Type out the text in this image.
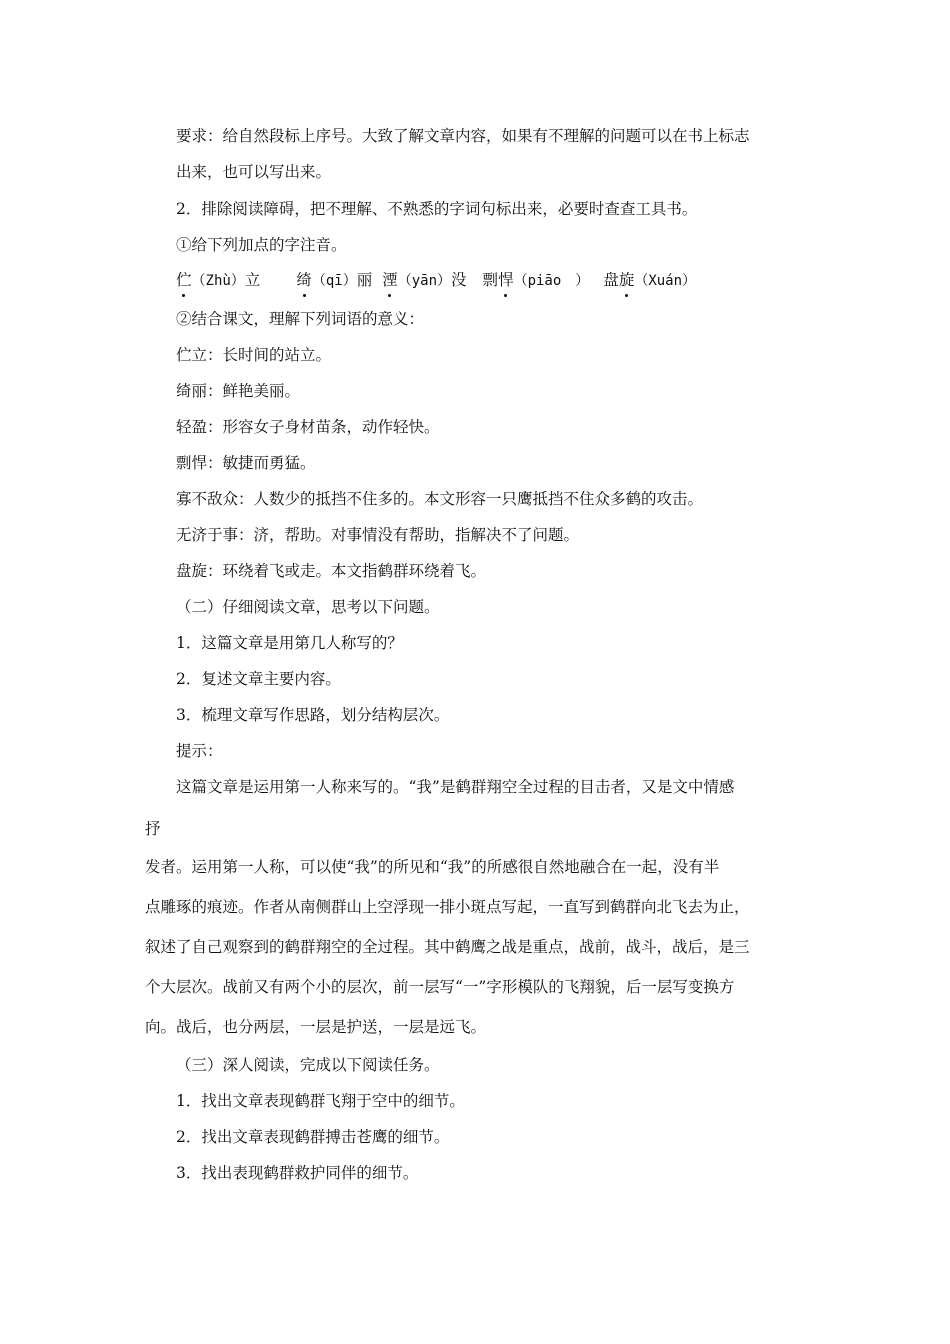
要求：给自然段标上序号。大致了解文章内容，如果有不理解的问题可以在书上标志
出来，也可以写出来。
2．排除阅读障碍，把不理解、不熟悉的字词句标出来，必要时查查工具书。
①给下列加点的字注音。
伫（Zhù）立 绮（qī）丽 湮（yān）没 剽悍（piāo　） 盘旋（Xuán）
②结合课文，理解下列词语的意义：
伫立：长时间的站立。
绮丽：鲜艳美丽。
轻盈：形容女子身材苗条，动作轻快。
剽悍：敏捷而勇猛。
寡不敌众：人数少的抵挡不住多的。本文形容一只鹰抵挡不住众多鹤的攻击。
无济于事：济，帮助。对事情没有帮助，指解决不了问题。
盘旋：环绕着飞或走。本文指鹤群环绕着飞。
（二）仔细阅读文章，思考以下问题。
1．这篇文章是用第几人称写的？
2．复述文章主要内容。
3．梳理文章写作思路，划分结构层次。
提示：
这篇文章是运用第一人称来写的。“我”是鹤群翔空全过程的目击者，又是文中情感
抒
发者。运用第一人称，可以使“我”的所见和“我”的所感很自然地融合在一起，没有半
点雕琢的痕迹。作者从南侧群山上空浮现一排小斑点写起，一直写到鹤群向北飞去为止，
叙述了自己观察到的鹤群翔空的全过程。其中鹤鹰之战是重点，战前，战斗，战后，是三
个大层次。战前又有两个小的层次，前一层写“一”字形模队的飞翔貌，后一层写变换方
向。战后，也分两层，一层是护送，一层是远飞。
（三）深人阅读，完成以下阅读任务。
1．找出文章表现鹤群飞翔于空中的细节。
2．找出文章表现鹤群搏击苍鹰的细节。
3．找出表现鹤群救护同伴的细节。
